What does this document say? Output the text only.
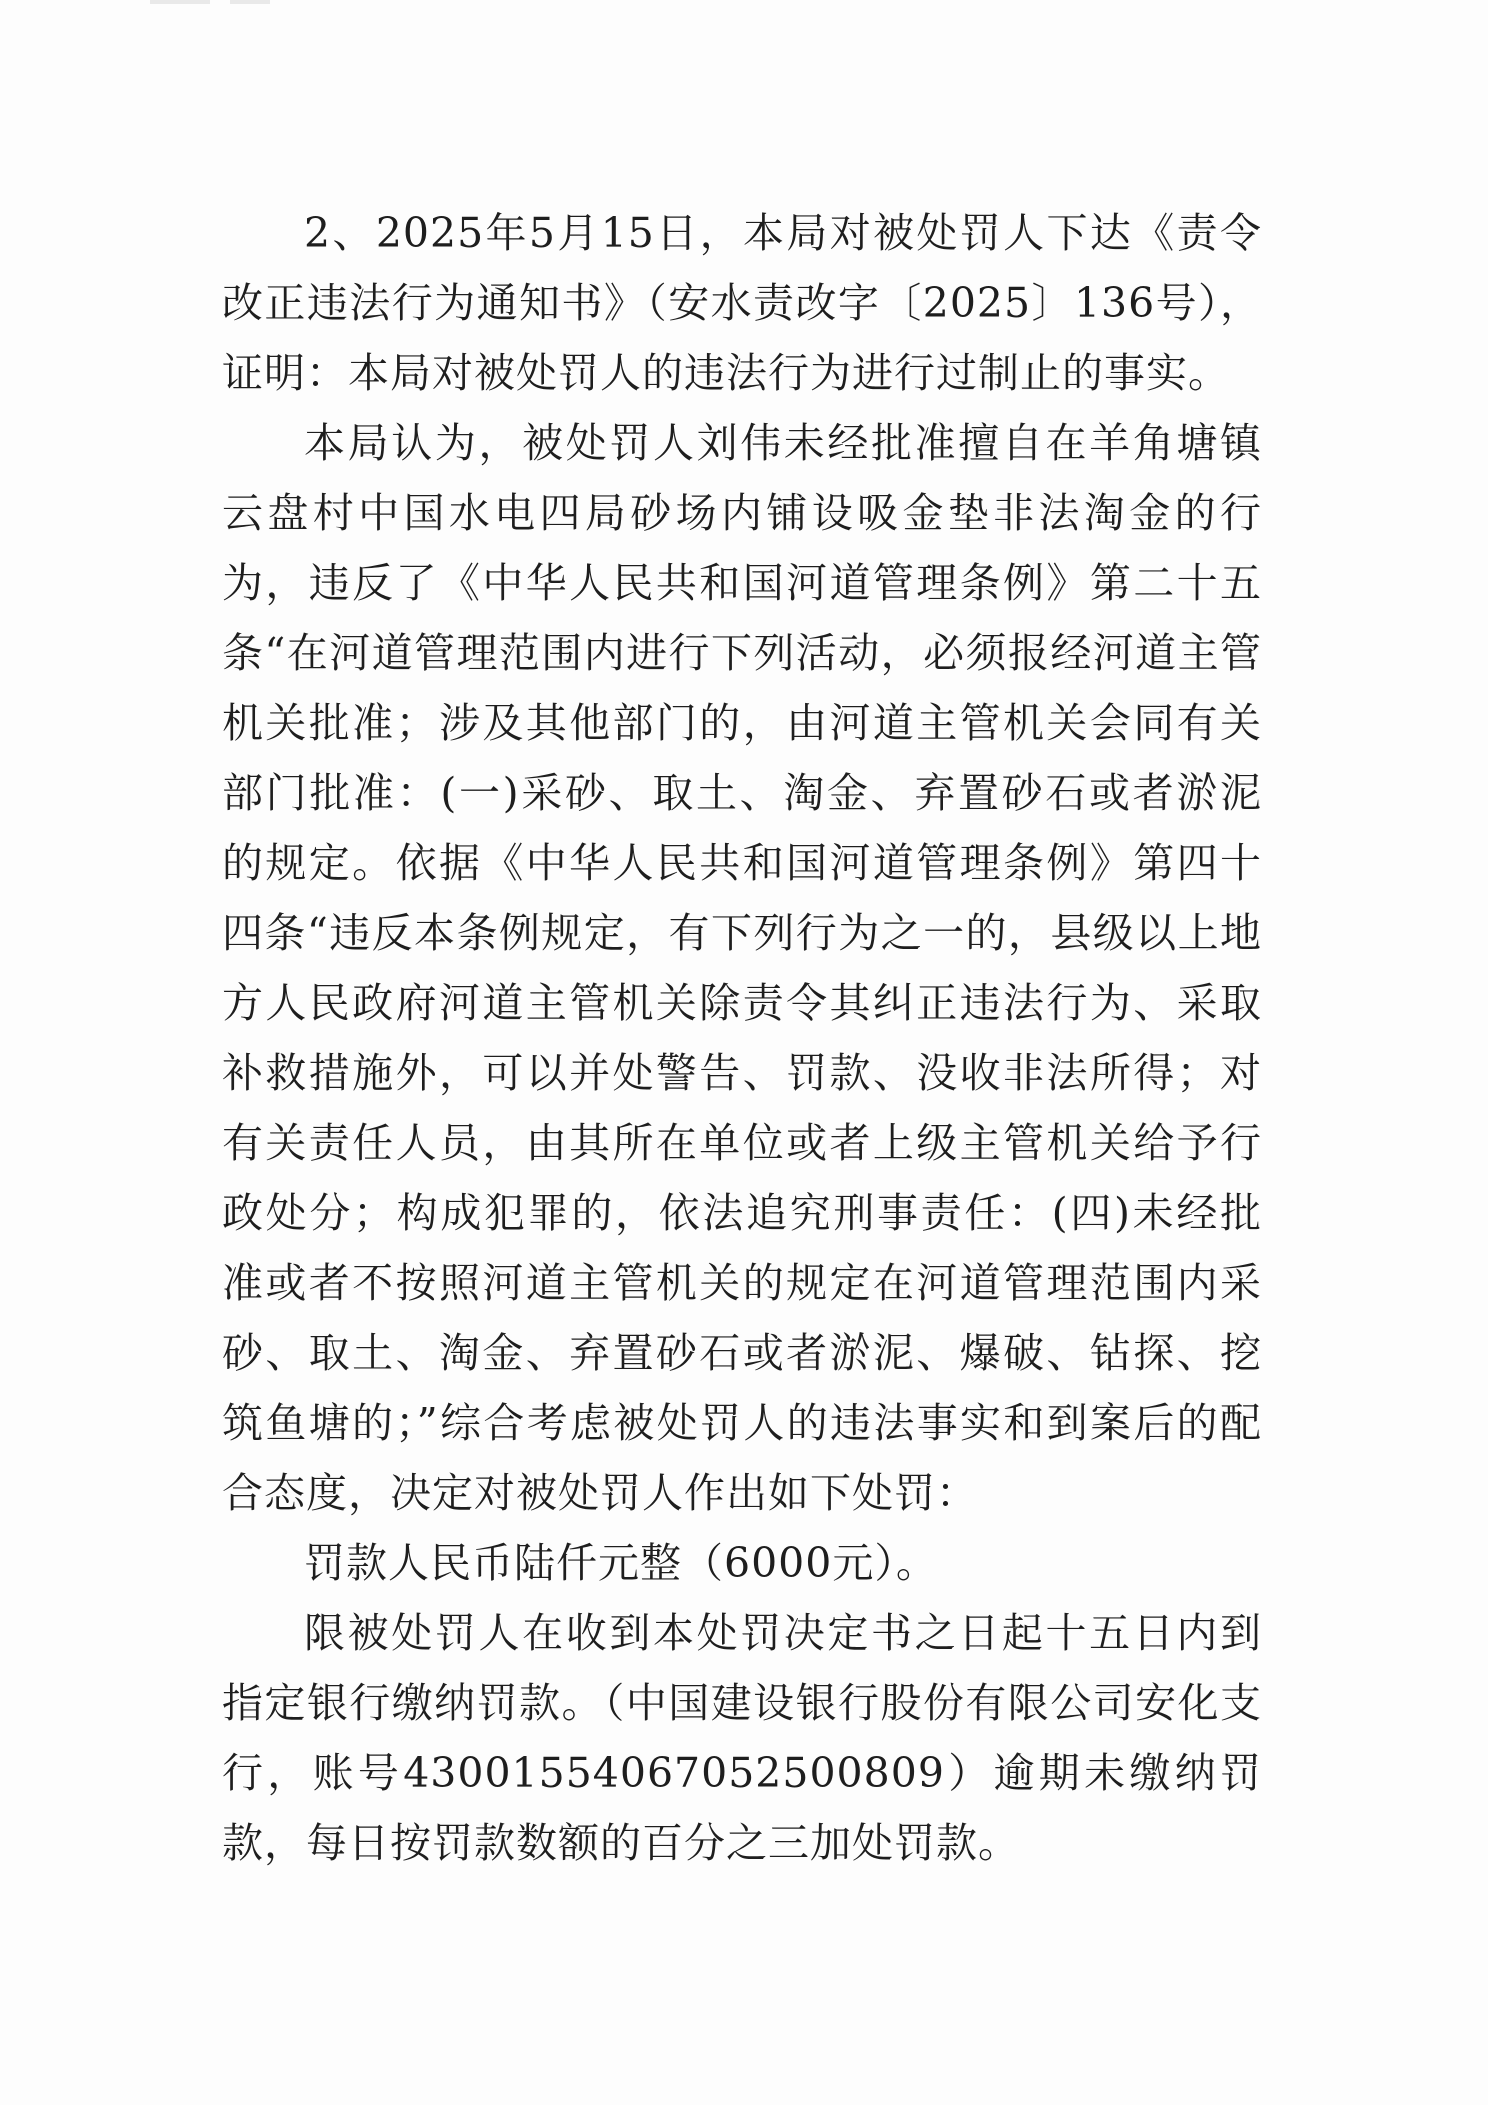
2、2025年5月15日，本局对被处罚人下达《责令改正违法行为通知书》（安水责改字〔2025〕136号），证明：本局对被处罚人的违法行为进行过制止的事实。

本局认为，被处罚人刘伟未经批准擅自在羊角塘镇云盘村中国水电四局砂场内铺设吸金垫非法淘金的行为，违反了《中华人民共和国河道管理条例》第二十五条“在河道管理范围内进行下列活动，必须报经河道主管机关批准；涉及其他部门的，由河道主管机关会同有关部门批准：(一)采砂、取土、淘金、弃置砂石或者淤泥的规定。依据《中华人民共和国河道管理条例》第四十四条“违反本条例规定，有下列行为之一的，县级以上地方人民政府河道主管机关除责令其纠正违法行为、采取补救措施外，可以并处警告、罚款、没收非法所得；对有关责任人员，由其所在单位或者上级主管机关给予行政处分；构成犯罪的，依法追究刑事责任：(四)未经批准或者不按照河道主管机关的规定在河道管理范围内采砂、取土、淘金、弃置砂石或者淤泥、爆破、钻探、挖筑鱼塘的；”综合考虑被处罚人的违法事实和到案后的配合态度，决定对被处罚人作出如下处罚：

罚款人民币陆仟元整（6000元）。

限被处罚人在收到本处罚决定书之日起十五日内到指定银行缴纳罚款。（中国建设银行股份有限公司安化支行，账号43001554067052500809）逾期未缴纳罚款，每日按罚款数额的百分之三加处罚款。
